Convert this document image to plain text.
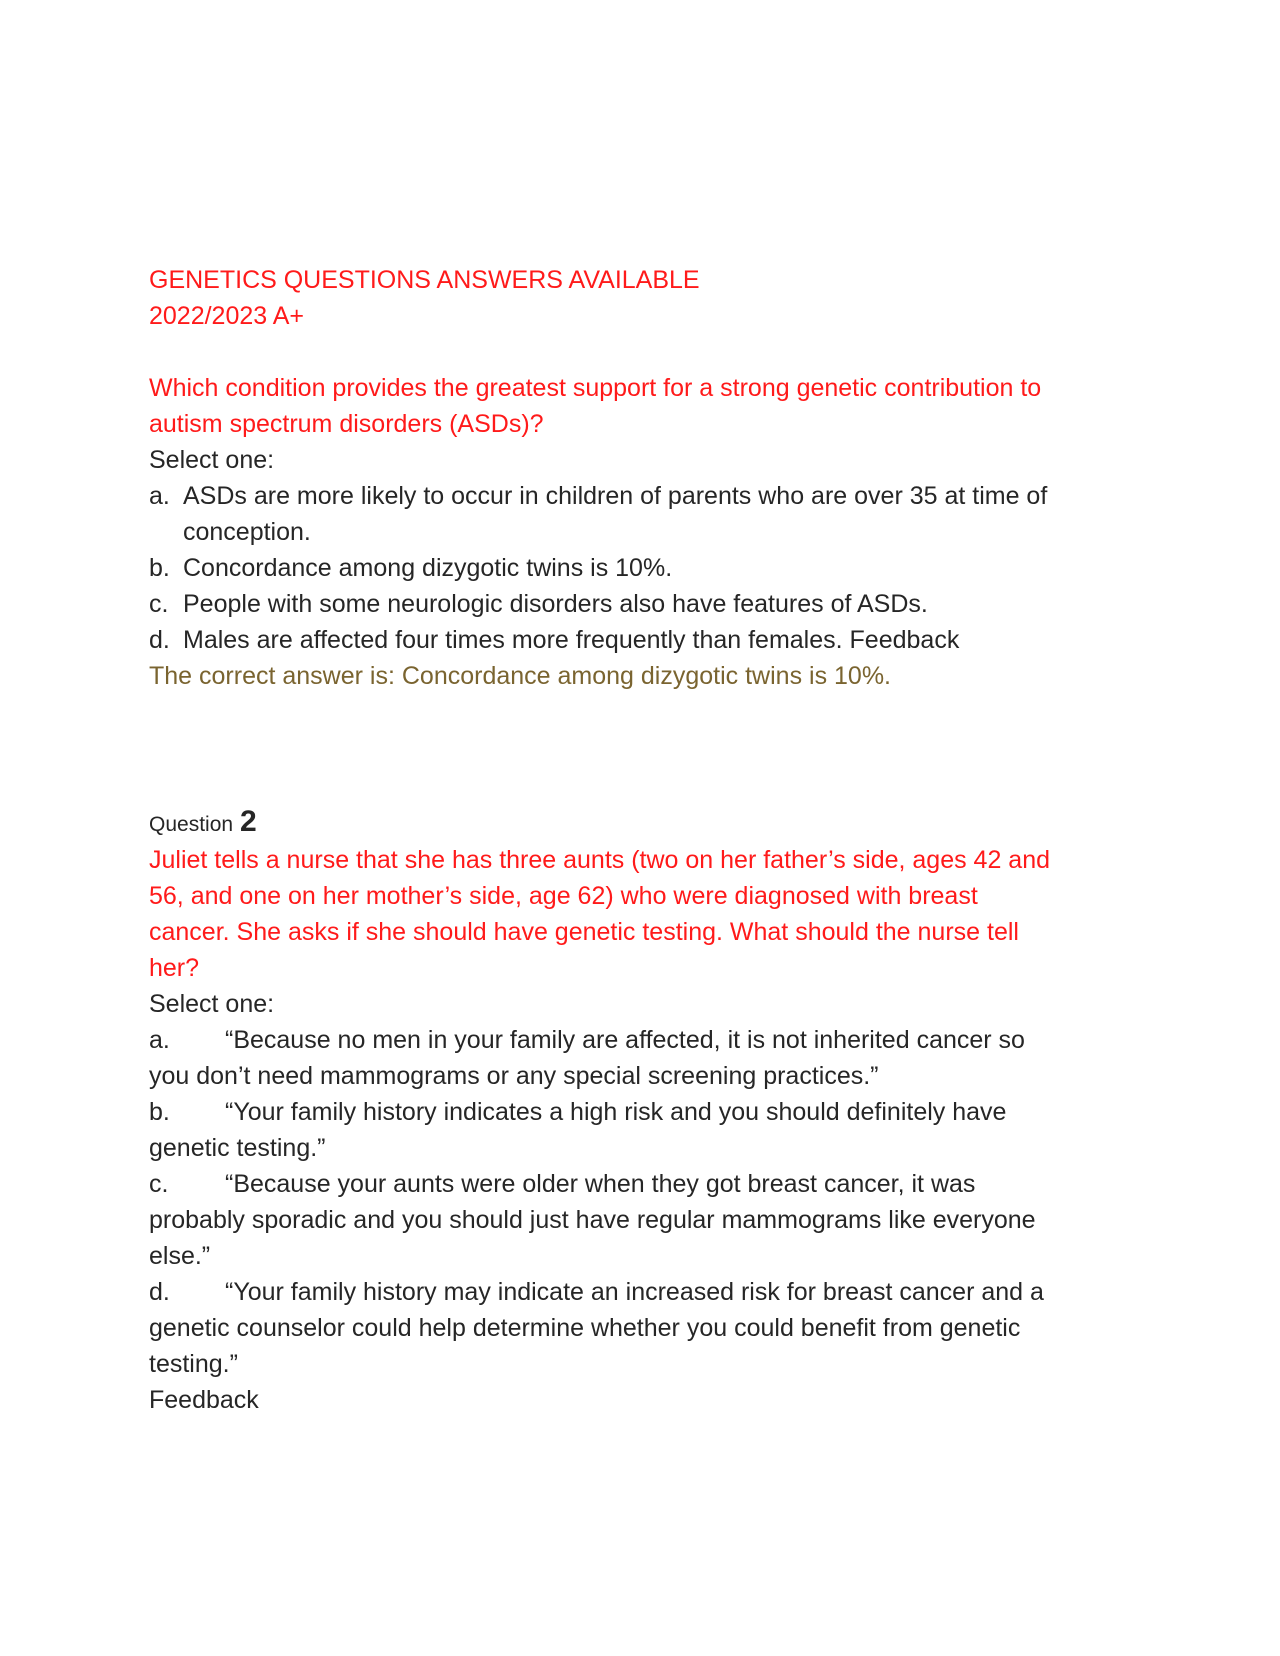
GENETICS QUESTIONS ANSWERS AVAILABLE
2022/2023 A+
Which condition provides the greatest support for a strong genetic contribution to
autism spectrum disorders (ASDs)?
Select one:
a. ASDs are more likely to occur in children of parents who are over 35 at time of conception.
b. Concordance among dizygotic twins is 10%.
c. People with some neurologic disorders also have features of ASDs.
d. Males are affected four times more frequently than females. Feedback
The correct answer is: Concordance among dizygotic twins is 10%.
Question 2
Juliet tells a nurse that she has three aunts (two on her father’s side, ages 42 and
56, and one on her mother’s side, age 62) who were diagnosed with breast
cancer. She asks if she should have genetic testing. What should the nurse tell
her?
Select one:
a. “Because no men in your family are affected, it is not inherited cancer so
you don’t need mammograms or any special screening practices.”
b. “Your family history indicates a high risk and you should definitely have
genetic testing.”
c. “Because your aunts were older when they got breast cancer, it was
probably sporadic and you should just have regular mammograms like everyone
else.”
d. “Your family history may indicate an increased risk for breast cancer and a
genetic counselor could help determine whether you could benefit from genetic
testing.”
Feedback
